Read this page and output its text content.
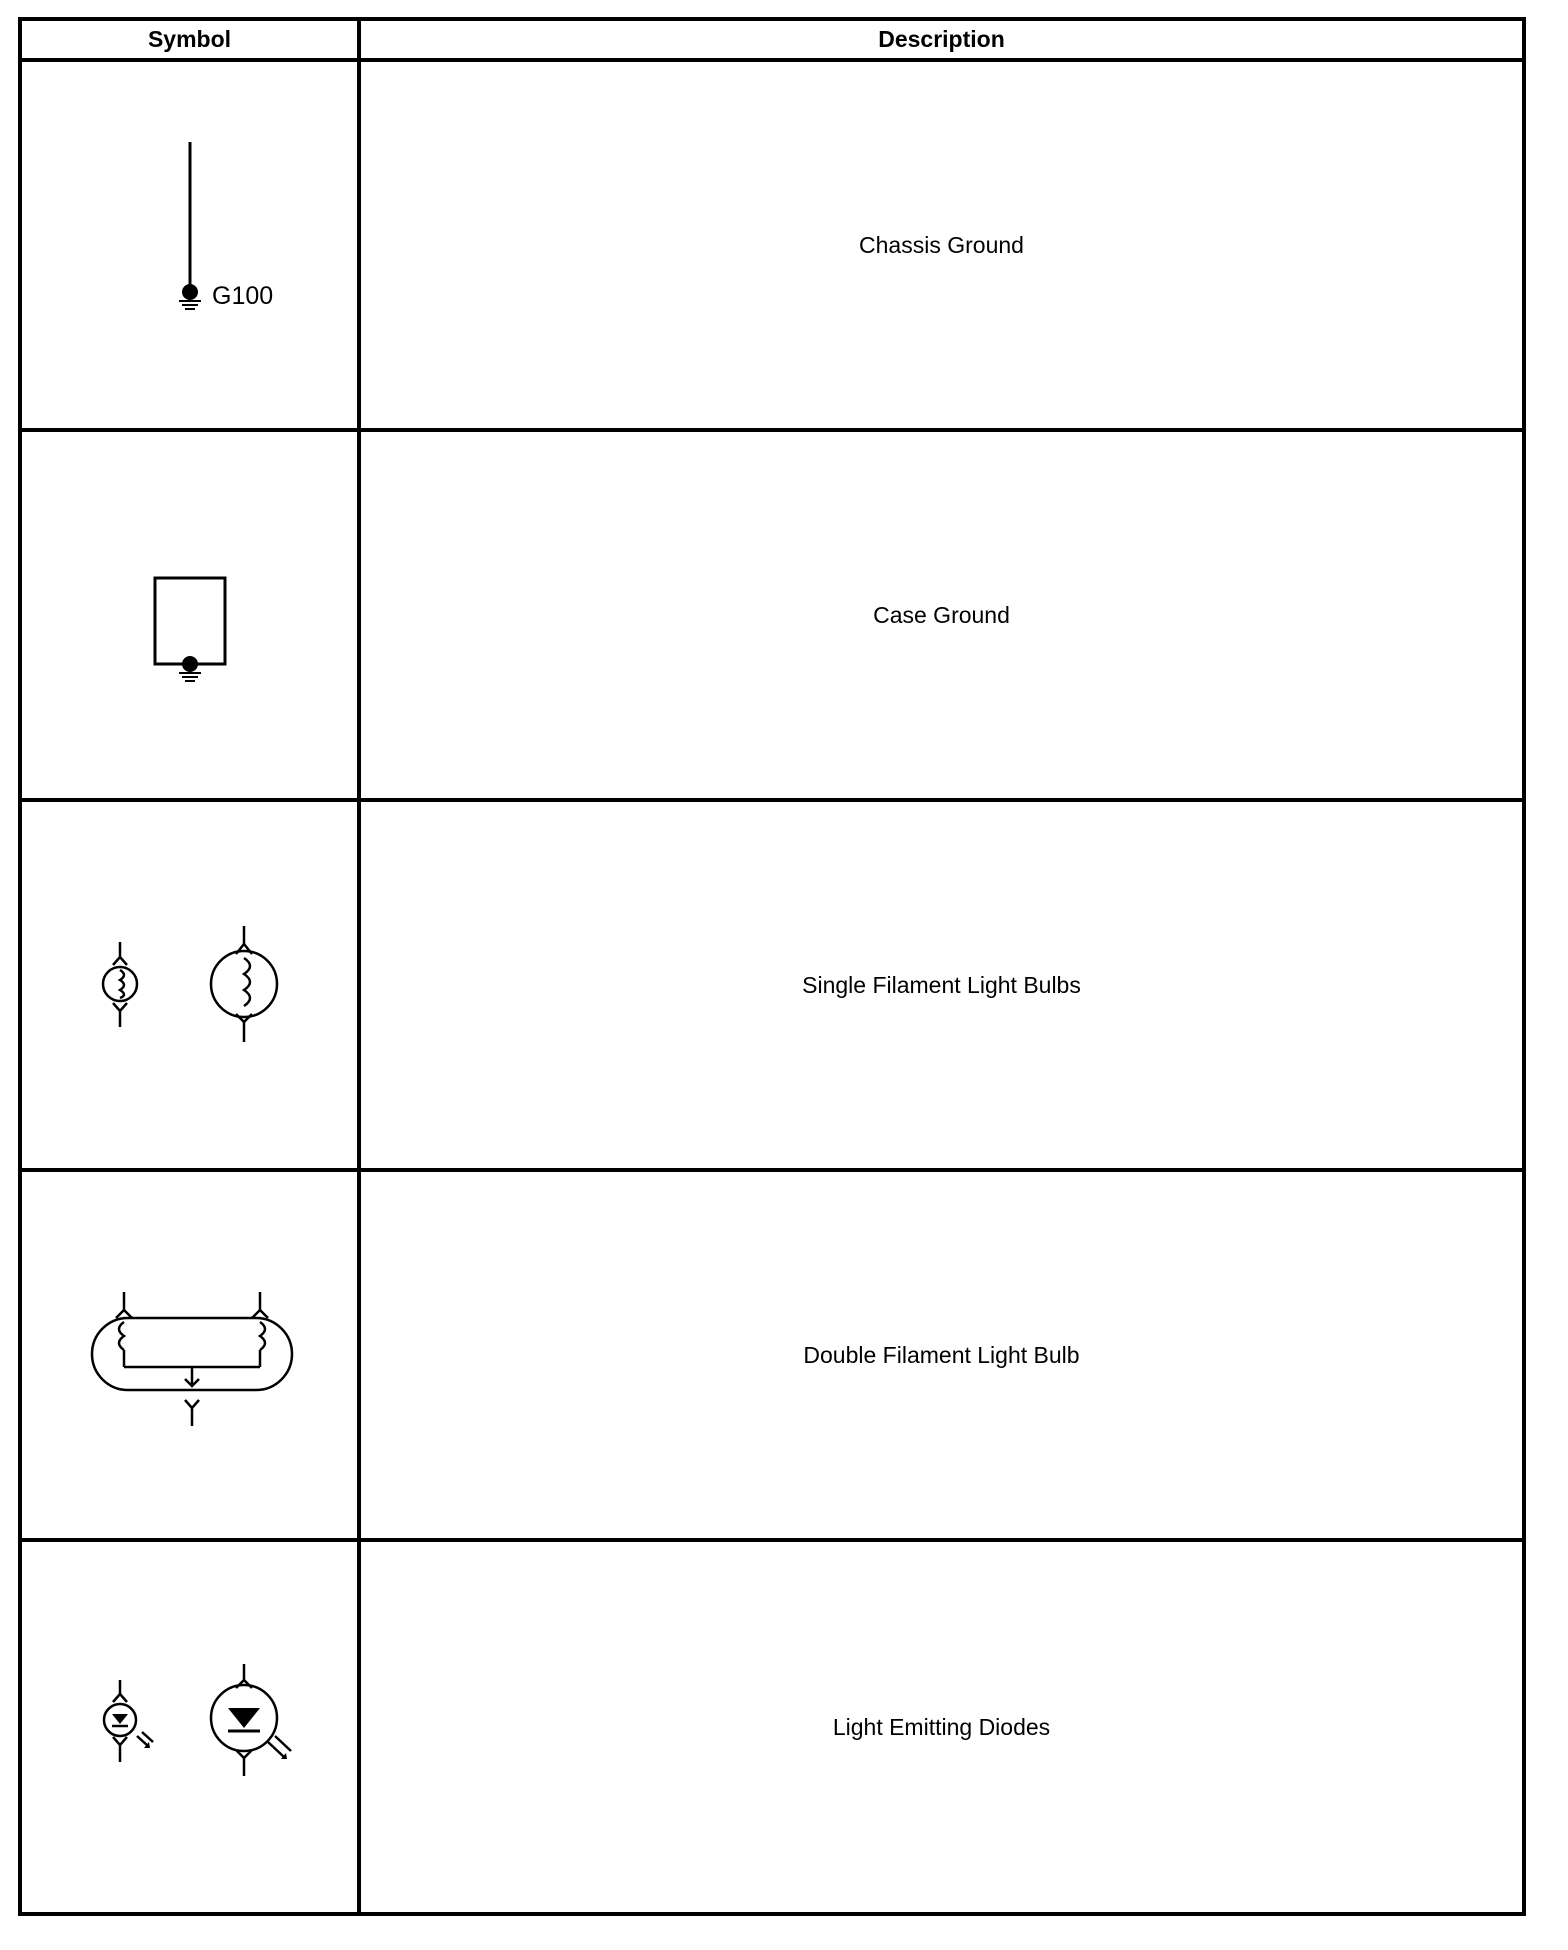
Symbol	Description

G100	Chassis Ground

	Case Ground

	Single Filament Light Bulbs

	Double Filament Light Bulb

	Light Emitting Diodes
